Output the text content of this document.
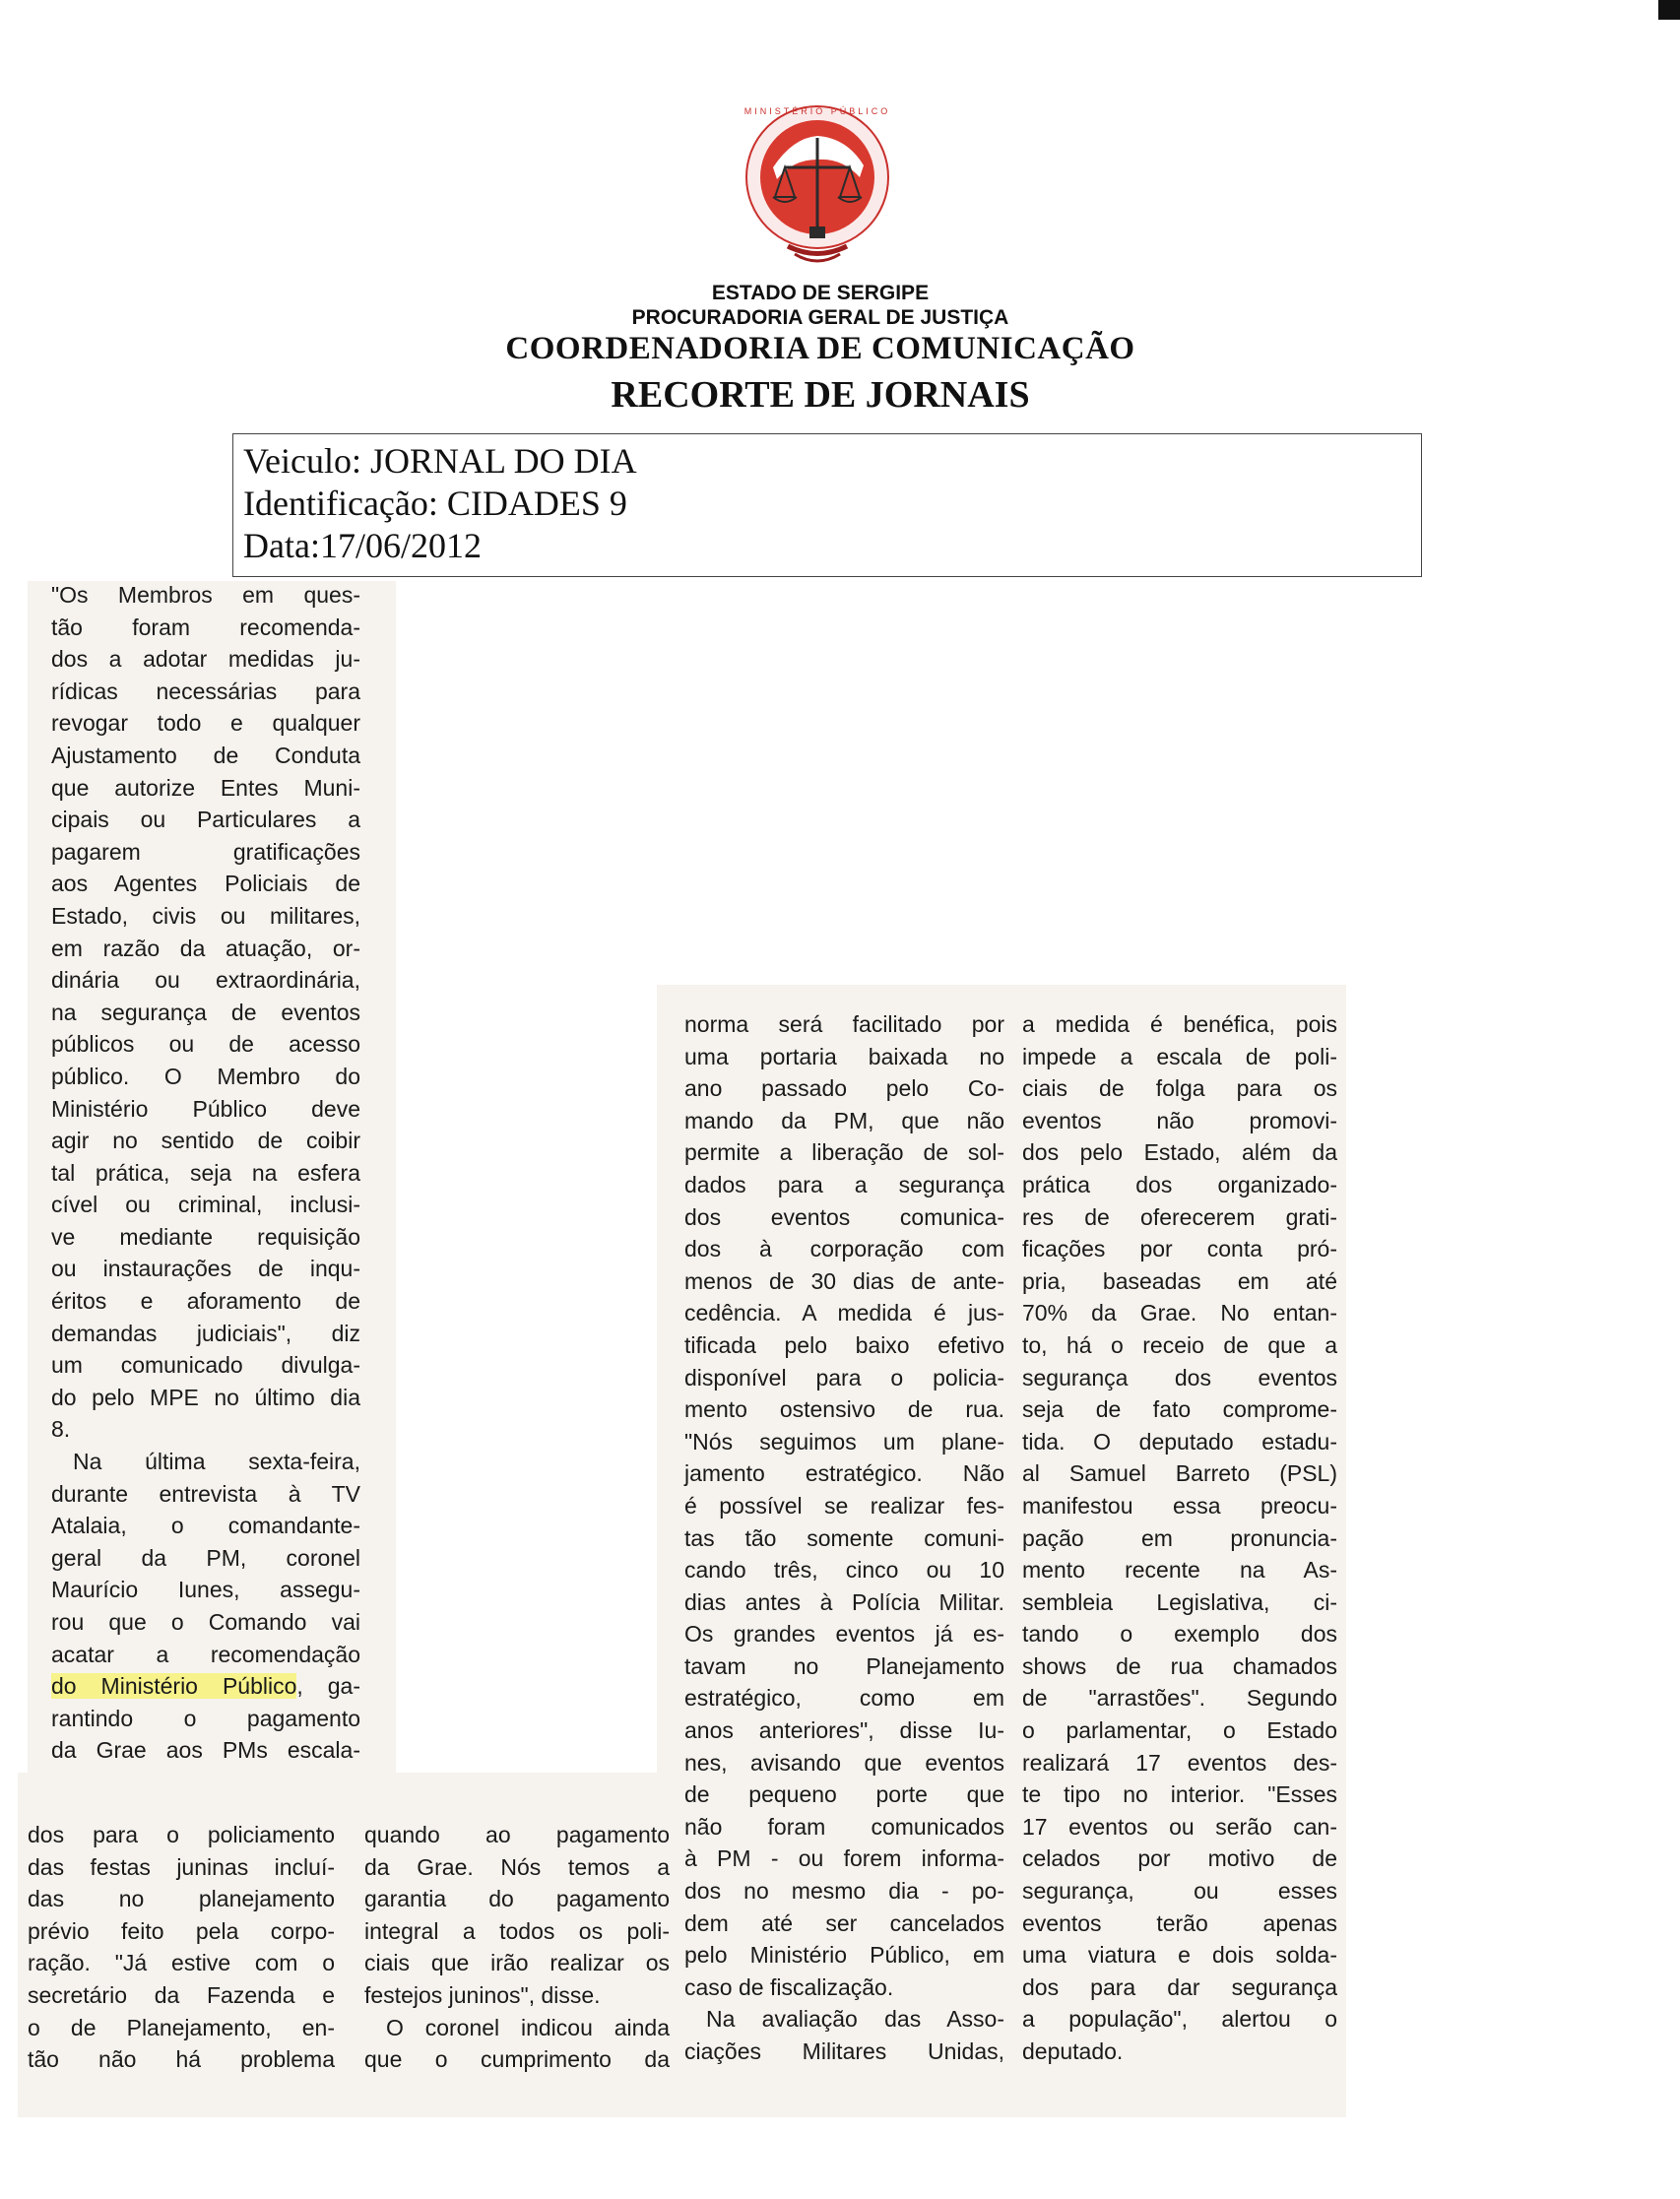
MINISTÉRIO PÚBLICO
ESTADO DE SERGIPE
PROCURADORIA GERAL DE JUSTIÇA
COORDENADORIA DE COMUNICAÇÃO
RECORTE DE JORNAIS
Veiculo: JORNAL DO DIA
Identificação: CIDADES 9
Data:17/06/2012
"Os Membros em ques-
tão foram recomenda-
dos a adotar medidas ju-
rídicas necessárias para
revogar todo e qualquer
Ajustamento de Conduta
que autorize Entes Muni-
cipais ou Particulares a
pagarem gratificações
aos Agentes Policiais de
Estado, civis ou militares,
em razão da atuação, or-
dinária ou extraordinária,
na segurança de eventos
públicos ou de acesso
público. O Membro do
Ministério Público deve
agir no sentido de coibir
tal prática, seja na esfera
cível ou criminal, inclusi-
ve mediante requisição
ou instaurações de inqu-
éritos e aforamento de
demandas judiciais", diz
um comunicado divulga-
do pelo MPE no último dia
8.
Na última sexta-feira,
durante entrevista à TV
Atalaia, o comandante-
geral da PM, coronel
Maurício Iunes, assegu-
rou que o Comando vai
acatar a recomendação
do Ministério Público, ga-
rantindo o pagamento
da Grae aos PMs escala-
dos para o policiamento
das festas juninas incluí-
das no planejamento
prévio feito pela corpo-
ração. "Já estive com o
secretário da Fazenda e
o de Planejamento, en-
tão não há problema
quando ao pagamento
da Grae. Nós temos a
garantia do pagamento
integral a todos os poli-
ciais que irão realizar os
festejos juninos", disse.
O coronel indicou ainda
que o cumprimento da
norma será facilitado por
uma portaria baixada no
ano passado pelo Co-
mando da PM, que não
permite a liberação de sol-
dados para a segurança
dos eventos comunica-
dos à corporação com
menos de 30 dias de ante-
cedência. A medida é jus-
tificada pelo baixo efetivo
disponível para o policia-
mento ostensivo de rua.
"Nós seguimos um plane-
jamento estratégico. Não
é possível se realizar fes-
tas tão somente comuni-
cando três, cinco ou 10
dias antes à Polícia Militar.
Os grandes eventos já es-
tavam no Planejamento
estratégico, como em
anos anteriores", disse Iu-
nes, avisando que eventos
de pequeno porte que
não foram comunicados
à PM - ou forem informa-
dos no mesmo dia - po-
dem até ser cancelados
pelo Ministério Público, em
caso de fiscalização.
Na avaliação das Asso-
ciações Militares Unidas,
a medida é benéfica, pois
impede a escala de poli-
ciais de folga para os
eventos não promovi-
dos pelo Estado, além da
prática dos organizado-
res de oferecerem grati-
ficações por conta pró-
pria, baseadas em até
70% da Grae. No entan-
to, há o receio de que a
segurança dos eventos
seja de fato comprome-
tida. O deputado estadu-
al Samuel Barreto (PSL)
manifestou essa preocu-
pação em pronuncia-
mento recente na As-
sembleia Legislativa, ci-
tando o exemplo dos
shows de rua chamados
de "arrastões". Segundo
o parlamentar, o Estado
realizará 17 eventos des-
te tipo no interior. "Esses
17 eventos ou serão can-
celados por motivo de
segurança, ou esses
eventos terão apenas
uma viatura e dois solda-
dos para dar segurança
a população", alertou o
deputado.
